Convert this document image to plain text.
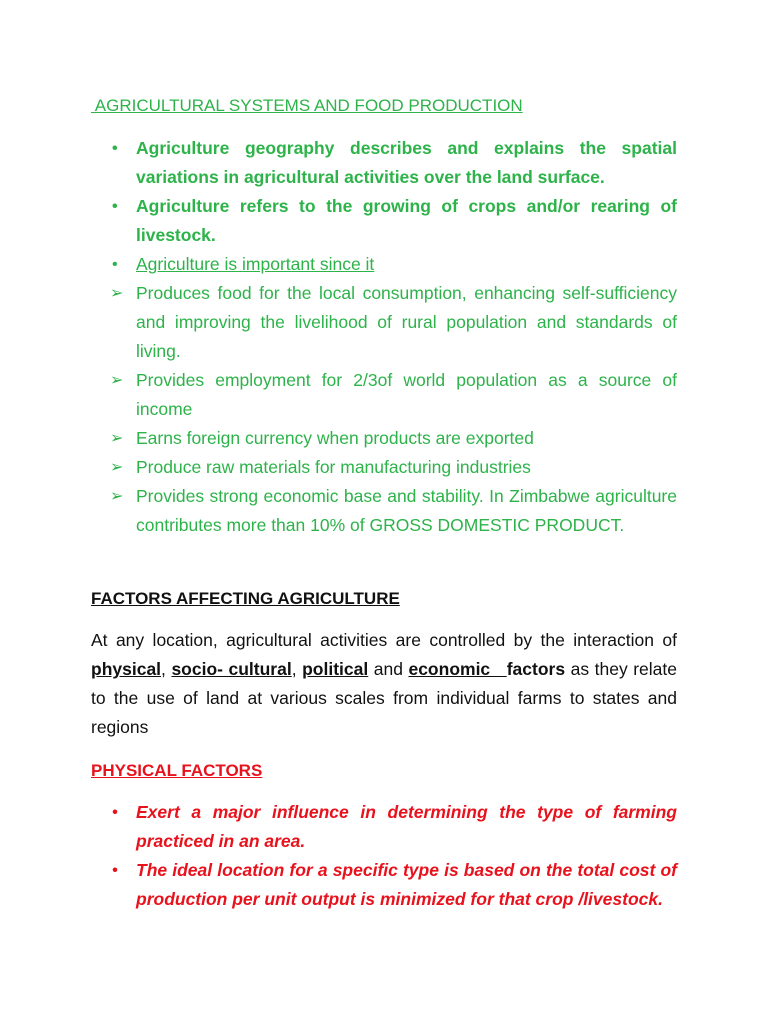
AGRICULTURAL SYSTEMS AND FOOD PRODUCTION
• Agriculture geography describes and explains the spatial variations in agricultural activities over the land surface.
• Agriculture refers to the growing of crops and/or rearing of livestock.
• Agriculture is important since it
➢ Produces food for the local consumption, enhancing self-sufficiency and improving the livelihood of rural population and standards of living.
➢ Provides employment for 2/3of world population as a source of income
➢ Earns foreign currency when products are exported
➢ Produce raw materials for manufacturing industries
➢ Provides strong economic base and stability. In Zimbabwe agriculture contributes more than 10% of GROSS DOMESTIC PRODUCT.
FACTORS AFFECTING AGRICULTURE
At any location, agricultural activities are controlled by the interaction of physical, socio- cultural, political and economic   factors as they relate to the use of land at various scales from individual farms to states and regions
PHYSICAL FACTORS
• Exert a major influence in determining the type of farming practiced in an area.
• The ideal location for a specific type is based on the total cost of production per unit output is minimized for that crop /livestock.
